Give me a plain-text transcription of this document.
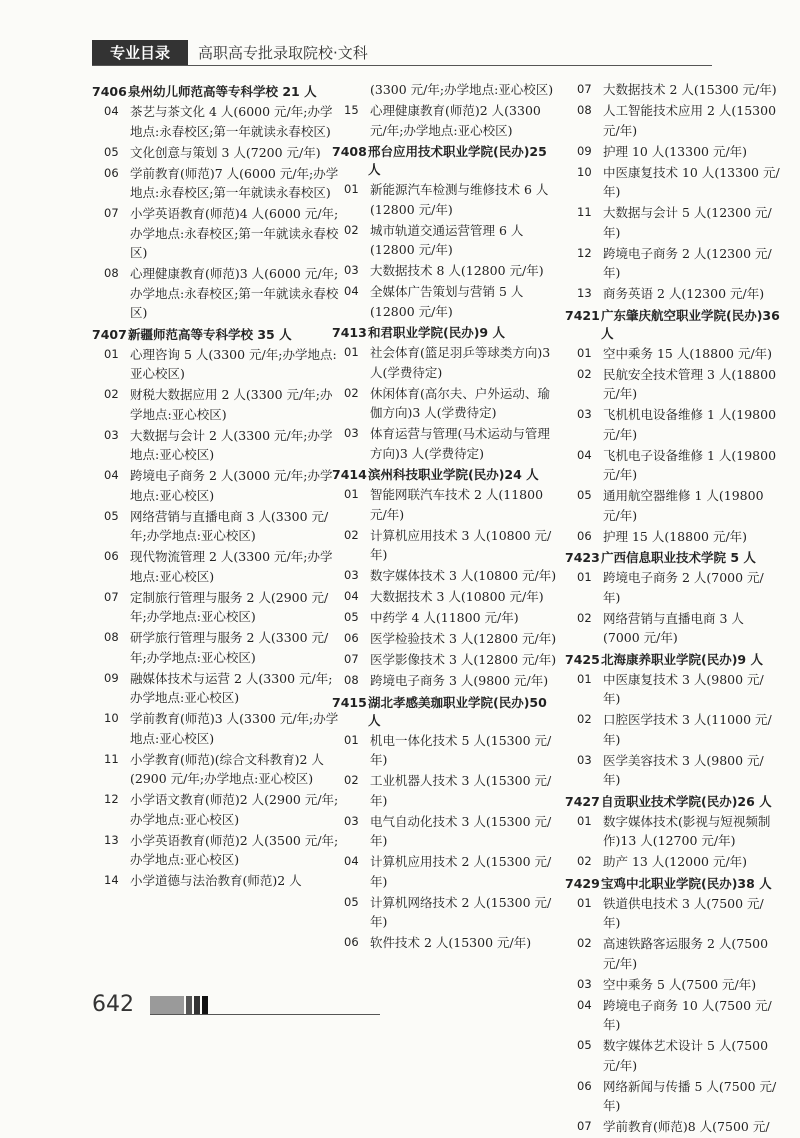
专业目录	高职高专批录取院校·文科
7406 泉州幼儿师范高等专科学校 21 人
04 茶艺与茶文化 4 人(6000 元/年;办学地点:永春校区;第一年就读永春校区)
05 文化创意与策划 3 人(7200 元/年)
06 学前教育(师范)7 人(6000 元/年;办学地点:永春校区;第一年就读永春校区)
07 小学英语教育(师范)4 人(6000 元/年;办学地点:永春校区;第一年就读永春校区)
08 心理健康教育(师范)3 人(6000 元/年;办学地点:永春校区;第一年就读永春校区)
7407 新疆师范高等专科学校 35 人
01 心理咨询 5 人(3300 元/年;办学地点:亚心校区)
02 财税大数据应用 2 人(3300 元/年;办学地点:亚心校区)
03 大数据与会计 2 人(3300 元/年;办学地点:亚心校区)
04 跨境电子商务 2 人(3000 元/年;办学地点:亚心校区)
05 网络营销与直播电商 3 人(3300 元/年;办学地点:亚心校区)
06 现代物流管理 2 人(3300 元/年;办学地点:亚心校区)
07 定制旅行管理与服务 2 人(2900 元/年;办学地点:亚心校区)
08 研学旅行管理与服务 2 人(3300 元/年;办学地点:亚心校区)
09 融媒体技术与运营 2 人(3300 元/年;办学地点:亚心校区)
10 学前教育(师范)3 人(3300 元/年;办学地点:亚心校区)
11 小学教育(师范)(综合文科教育)2 人(2900 元/年;办学地点:亚心校区)
12 小学语文教育(师范)2 人(2900 元/年;办学地点:亚心校区)
13 小学英语教育(师范)2 人(3500 元/年;办学地点:亚心校区)
14 小学道德与法治教育(师范)2 人
(3300 元/年;办学地点:亚心校区)
15 心理健康教育(师范)2 人(3300 元/年;办学地点:亚心校区)
7408 邢台应用技术职业学院(民办)25 人
01 新能源汽车检测与维修技术 6 人(12800 元/年)
02 城市轨道交通运营管理 6 人(12800 元/年)
03 大数据技术 8 人(12800 元/年)
04 全媒体广告策划与营销 5 人(12800 元/年)
7413 和君职业学院(民办)9 人
01 社会体育(篮足羽乒等球类方向)3 人(学费待定)
02 休闲体育(高尔夫、户外运动、瑜伽方向)3 人(学费待定)
03 体育运营与管理(马术运动与管理方向)3 人(学费待定)
7414 滨州科技职业学院(民办)24 人
01 智能网联汽车技术 2 人(11800 元/年)
02 计算机应用技术 3 人(10800 元/年)
03 数字媒体技术 3 人(10800 元/年)
04 大数据技术 3 人(10800 元/年)
05 中药学 4 人(11800 元/年)
06 医学检验技术 3 人(12800 元/年)
07 医学影像技术 3 人(12800 元/年)
08 跨境电子商务 3 人(9800 元/年)
7415 湖北孝感美珈职业学院(民办)50 人
01 机电一体化技术 5 人(15300 元/年)
02 工业机器人技术 3 人(15300 元/年)
03 电气自动化技术 3 人(15300 元/年)
04 计算机应用技术 2 人(15300 元/年)
05 计算机网络技术 2 人(15300 元/年)
06 软件技术 2 人(15300 元/年)
07 大数据技术 2 人(15300 元/年)
08 人工智能技术应用 2 人(15300 元/年)
09 护理 10 人(13300 元/年)
10 中医康复技术 10 人(13300 元/年)
11 大数据与会计 5 人(12300 元/年)
12 跨境电子商务 2 人(12300 元/年)
13 商务英语 2 人(12300 元/年)
7421 广东肇庆航空职业学院(民办)36 人
01 空中乘务 15 人(18800 元/年)
02 民航安全技术管理 3 人(18800 元/年)
03 飞机机电设备维修 1 人(19800 元/年)
04 飞机电子设备维修 1 人(19800 元/年)
05 通用航空器维修 1 人(19800 元/年)
06 护理 15 人(18800 元/年)
7423 广西信息职业技术学院 5 人
01 跨境电子商务 2 人(7000 元/年)
02 网络营销与直播电商 3 人(7000 元/年)
7425 北海康养职业学院(民办)9 人
01 中医康复技术 3 人(9800 元/年)
02 口腔医学技术 3 人(11000 元/年)
03 医学美容技术 3 人(9800 元/年)
7427 自贡职业技术学院(民办)26 人
01 数字媒体技术(影视与短视频制作)13 人(12700 元/年)
02 助产 13 人(12000 元/年)
7429 宝鸡中北职业学院(民办)38 人
01 铁道供电技术 3 人(7500 元/年)
02 高速铁路客运服务 2 人(7500 元/年)
03 空中乘务 5 人(7500 元/年)
04 跨境电子商务 10 人(7500 元/年)
05 数字媒体艺术设计 5 人(7500 元/年)
06 网络新闻与传播 5 人(7500 元/年)
07 学前教育(师范)8 人(7500 元/
642
